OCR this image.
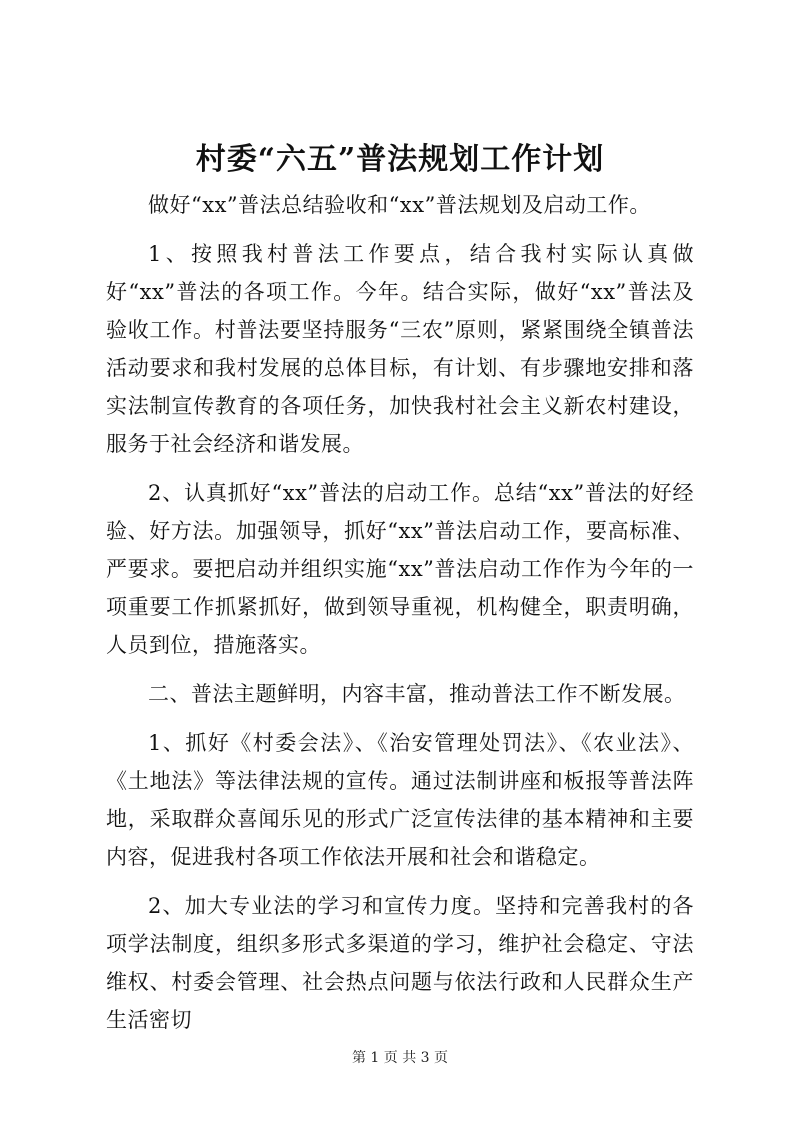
村委“六五”普法规划工作计划

做好“xx”普法总结验收和“xx”普法规划及启动工作。

1、按照我村普法工作要点，结合我村实际认真做好“xx”普法的各项工作。今年。结合实际，做好“xx”普法及验收工作。村普法要坚持服务“三农”原则，紧紧围绕全镇普法活动要求和我村发展的总体目标，有计划、有步骤地安排和落实法制宣传教育的各项任务，加快我村社会主义新农村建设，服务于社会经济和谐发展。

2、认真抓好“xx”普法的启动工作。总结“xx”普法的好经验、好方法。加强领导，抓好“xx”普法启动工作，要高标准、严要求。要把启动并组织实施“xx”普法启动工作作为今年的一项重要工作抓紧抓好，做到领导重视，机构健全，职责明确，人员到位，措施落实。

二、普法主题鲜明，内容丰富，推动普法工作不断发展。

1、抓好《村委会法》、《治安管理处罚法》、《农业法》、《土地法》等法律法规的宣传。通过法制讲座和板报等普法阵地，采取群众喜闻乐见的形式广泛宣传法律的基本精神和主要内容，促进我村各项工作依法开展和社会和谐稳定。

2、加大专业法的学习和宣传力度。坚持和完善我村的各项学法制度，组织多形式多渠道的学习，维护社会稳定、守法维权、村委会管理、社会热点问题与依法行政和人民群众生产生活密切

第 1 页 共 3 页
